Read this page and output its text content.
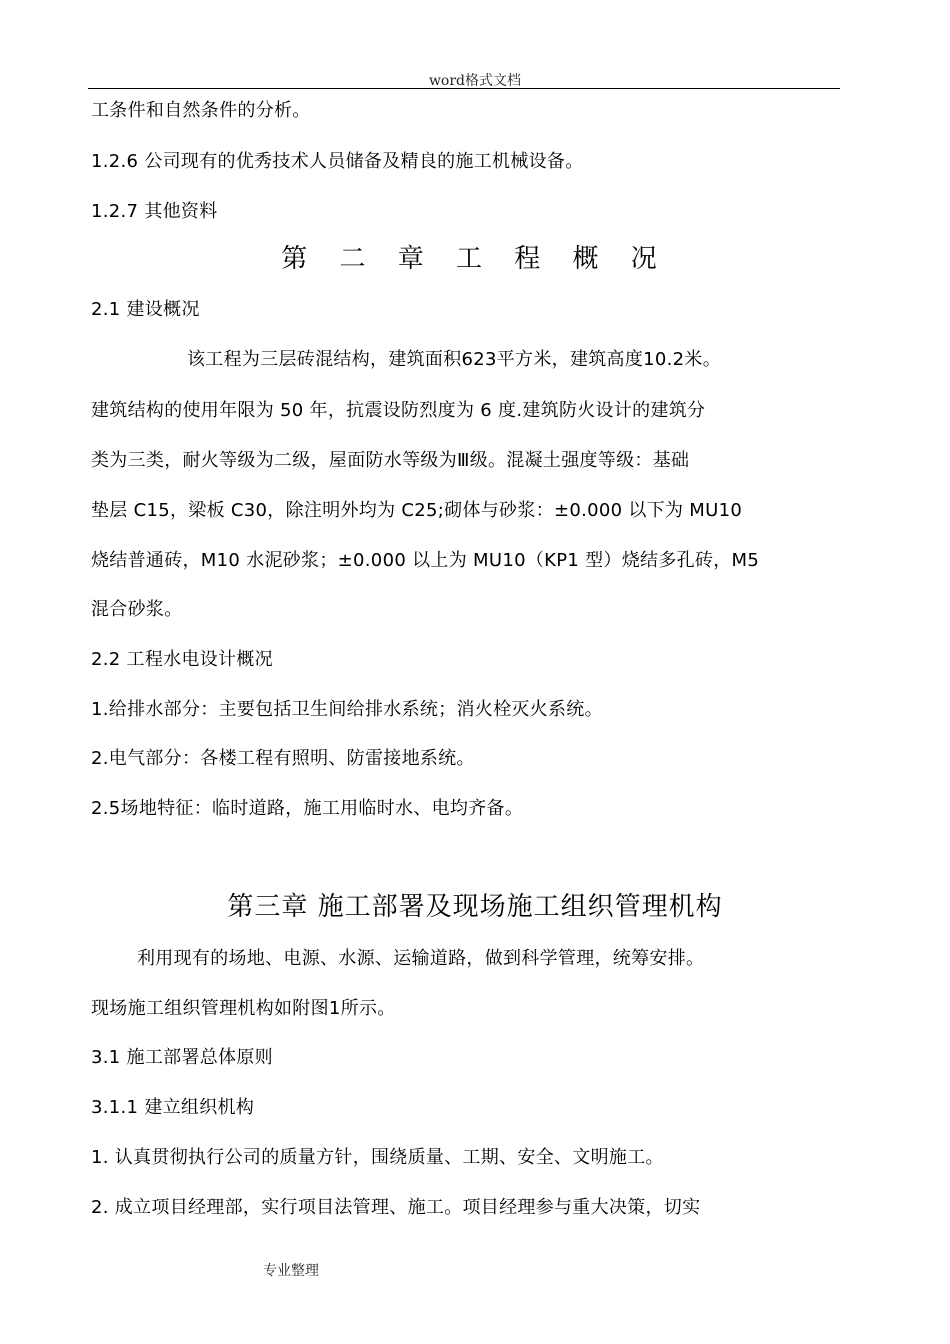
word格式文档
工条件和自然条件的分析。
1.2.6 公司现有的优秀技术人员储备及精良的施工机械设备。
1.2.7 其他资料
第 二 章 工 程 概 况
2.1 建设概况
该工程为三层砖混结构，建筑面积623平方米，建筑高度10.2米。
建筑结构的使用年限为 50 年，抗震设防烈度为 6 度.建筑防火设计的建筑分
类为三类，耐火等级为二级，屋面防水等级为Ⅲ级。混凝土强度等级：基础
垫层 C15，梁板 C30，除注明外均为 C25;砌体与砂浆：±0.000 以下为 MU10
烧结普通砖，M10 水泥砂浆；±0.000 以上为 MU10（KP1 型）烧结多孔砖，M5
混合砂浆。
2.2 工程水电设计概况
1.给排水部分：主要包括卫生间给排水系统；消火栓灭火系统。
2.电气部分：各楼工程有照明、防雷接地系统。
2.5场地特征：临时道路，施工用临时水、电均齐备。
第三章 施工部署及现场施工组织管理机构
利用现有的场地、电源、水源、运输道路，做到科学管理，统筹安排。
现场施工组织管理机构如附图1所示。
3.1 施工部署总体原则
3.1.1 建立组织机构
1. 认真贯彻执行公司的质量方针，围绕质量、工期、安全、文明施工。
2. 成立项目经理部，实行项目法管理、施工。项目经理参与重大决策，切实
专业整理
